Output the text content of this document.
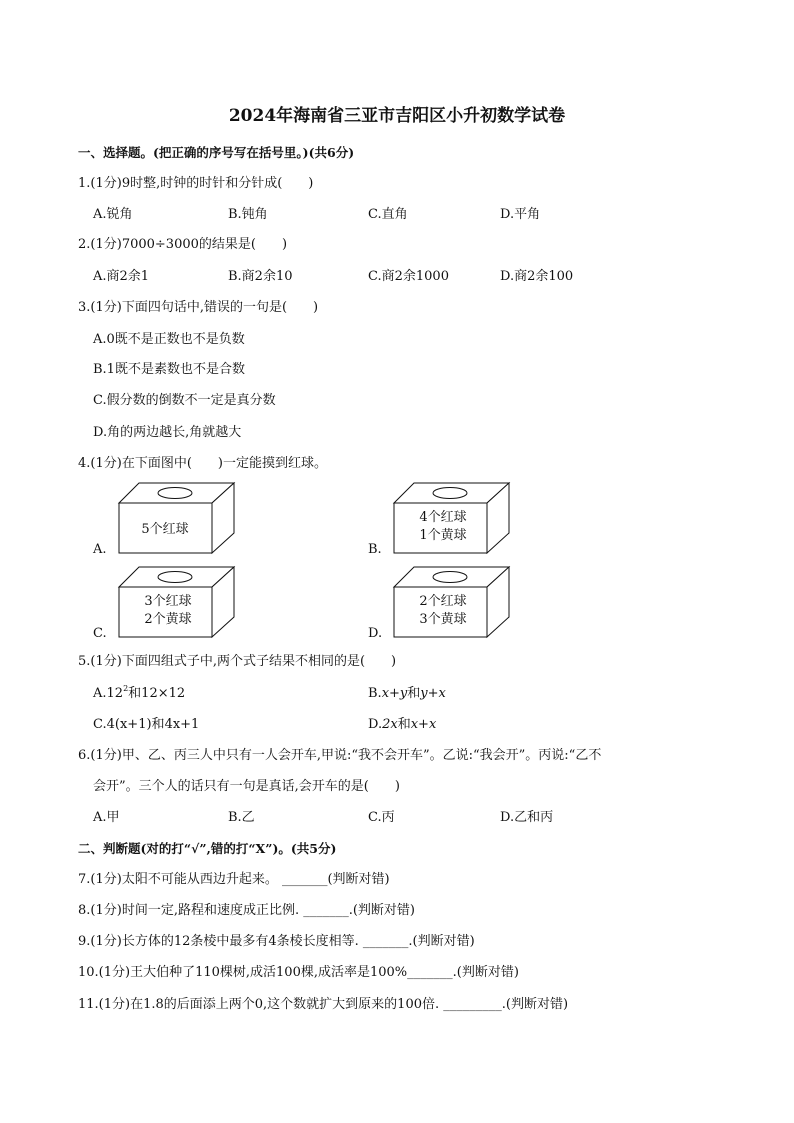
2024年海南省三亚市吉阳区小升初数学试卷
一、选择题。(把正确的序号写在括号里。)(共6分)
1.(1分)9时整,时钟的时针和分针成(　　)
A.锐角	B.钝角	C.直角	D.平角
2.(1分)7000÷3000的结果是(　　)
A.商2余1	B.商2余10	C.商2余1000	D.商2余100
3.(1分)下面四句话中,错误的一句是(　　)
A.0既不是正数也不是负数
B.1既不是素数也不是合数
C.假分数的倒数不一定是真分数
D.角的两边越长,角就越大
4.(1分)在下面图中(　　)一定能摸到红球。
A.
5个红球
B.
4个红球
1个黄球
C.
3个红球
2个黄球
D.
2个红球
3个黄球
5.(1分)下面四组式子中,两个式子结果不相同的是(　　)
$A.12^2$和12×12	B.x+y和y+x
C.4(x+1)和4x+1	D.2x和x+x
6.(1分)甲、乙、丙三人中只有一人会开车,甲说:“我不会开车”。乙说:“我会开”。丙说:“乙不
会开”。三个人的话只有一句是真话,会开车的是(　　)
A.甲	B.乙	C.丙	D.乙和丙
二、判断题(对的打“√”,错的打“X”)。(共5分)
7.(1分)太阳不可能从西边升起来。 _______(判断对错)
8.(1分)时间一定,路程和速度成正比例. _______.(判断对错)
9.(1分)长方体的12条棱中最多有4条棱长度相等. _______.(判断对错)
10.(1分)王大伯种了110棵树,成活100棵,成活率是100%_______.(判断对错)
11.(1分)在1.8的后面添上两个0,这个数就扩大到原来的100倍. _________.(判断对错)
